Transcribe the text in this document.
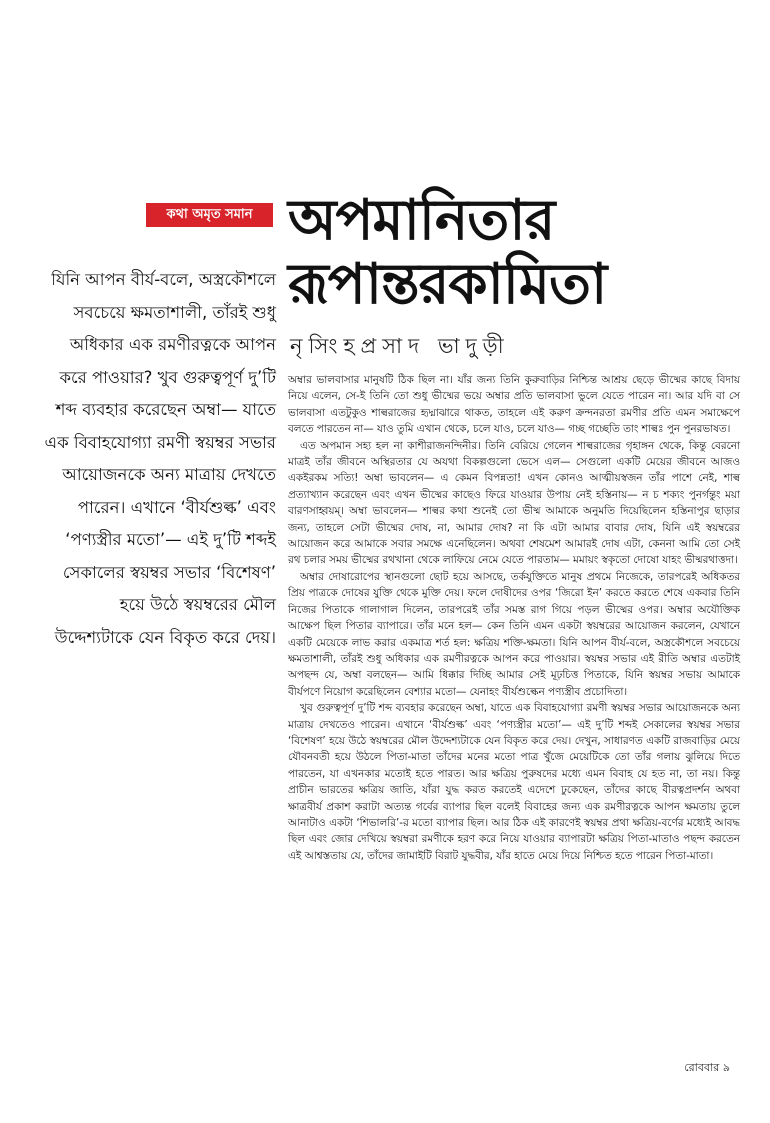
কথা অমৃত সমান অপমানিতার
রূপান্তরকামিতা
নৃসিংহপ্রসাদ ভাদুড়ী

যিনি আপন বীর্য-বলে, অস্ত্রকৌশলে সবচেয়ে ক্ষমতাশালী, তাঁরই শুধু অধিকার এক রমণীরত্নকে আপন করে পাওয়ার? খুব গুরুত্বপূর্ণ দু’টি শব্দ ব্যবহার করেছেন অম্বা— যাতে এক বিবাহযোগ্যা রমণী স্বয়ম্বর সভার আয়োজনকে অন্য মাত্রায় দেখতে পারেন। এখানে ‘বীর্যশুল্ক’ এবং ‘পণ্যস্ত্রীর মতো’— এই দু’টি শব্দই সেকালের স্বয়ম্বর সভার ‘বিশেষণ’ হয়ে উঠে স্বয়ম্বরের মৌল উদ্দেশ্যটাকে যেন বিকৃত করে দেয়।

অম্বার ভালবাসার মানুষটি ঠিক ছিল না। যাঁর জন্য তিনি কুরুবাড়ির নিশ্চিন্ত আশ্রয় ছেড়ে ভীষ্মের কাছে বিদায় নিয়ে এলেন, সে-ই তিনি তো শুধু ভীষ্মের ভয়ে অম্বার প্রতি ভালবাসা ভুলে যেতে পারেন না। আর যদি বা সে ভালবাসা এতটুকুও শাল্বরাজের হৃদ্মাঝারে থাকত, তাহলে এই করুণ ক্রন্দনরতা রমণীর প্রতি এমন সমাক্ষেপে বলতে পারতেন না— যাও তুমি এখান থেকে, চলে যাও, চলে যাও— গচ্ছ গচ্ছেতি তাং শাল্বঃ পুন পুনরভাষত।

এত অপমান সহ্য হল না কাশীরাজনন্দিনীর। তিনি বেরিয়ে গেলেন শাল্বরাজের গৃহাঙ্গন থেকে, কিন্তু বেরনো মাত্রই তাঁর জীবনে অস্থিরতার যে অযথা বিকল্পগুলো ভেসে এল— সেগুলো একটি মেয়ের জীবনে আজও একইরকম সত্যি! অম্বা ভাবলেন— এ কেমন বিপন্নতা! এখন কোনও আত্মীয়স্বজন তাঁর পাশে নেই, শাল্ব প্রত্যাখ্যান করেছেন এবং এখন ভীষ্মের কাছেও ফিরে যাওয়ার উপায় নেই হস্তিনায়— ন চ শক্যং পুনর্গন্তুং ময়া বারণসাহ্বয়ম্‌। অম্বা ভাবলেন— শাল্বর কথা শুনেই তো ভীষ্ম আমাকে অনুমতি দিয়েছিলেন হস্তিনাপুর ছাড়ার জন্য, তাহলে সেটা ভীষ্মের দোষ, না, আমার দোষ? না কি এটা আমার বাবার দোষ, যিনি এই স্বয়ম্বরের আয়োজন করে আমাকে সবার সমক্ষে এনেছিলেন। অথবা শেষমেশ আমারই দোষ এটা, কেননা আমি তো সেই রথ চলার সময় ভীষ্মের রথখানা থেকে লাফিয়ে নেমে যেতে পারতাম— মমায়ং স্বকৃতো দোষো যাহং ভীষ্মরথাত্তদা।

অম্বার দোষারোপের স্থানগুলো ছোট হয়ে আসছে, তর্কযুক্তিতে মানুষ প্রথমে নিজেকে, তারপরেই অধিকতর প্রিয় পাত্রকে দোষের যুক্তি থেকে মুক্তি দেয়। ফলে দোষীদের ওপর ‘জিরো ইন’ করতে করতে শেষে একবার তিনি নিজের পিতাকে গালাগাল দিলেন, তারপরেই তাঁর সমস্ত রাগ গিয়ে পড়ল ভীষ্মের ওপর। অম্বার অযৌক্তিক আক্ষেপ ছিল পিতার ব্যাপারে। তাঁর মনে হল— কেন তিনি এমন একটা স্বয়ম্বরের আয়োজন করলেন, যেখানে একটি মেয়েকে লাভ করার একমাত্র শর্ত হল: ক্ষত্রিয় শক্তি-ক্ষমতা। যিনি আপন বীর্য-বলে, অস্ত্রকৌশলে সবচেয়ে ক্ষমতাশালী, তাঁরই শুধু অধিকার এক রমণীরত্নকে আপন করে পাওয়ার। স্বয়ম্বর সভার এই রীতি অম্বার এতটাই অপছন্দ যে, অম্বা বলছেন— আমি ধিক্কার দিচ্ছি আমার সেই মূঢ়চিত্ত পিতাকে, যিনি স্বয়ম্বর সভায় আমাকে বীর্যপণে নিয়োগ করেছিলেন বেশ্যার মতো— যেনাহং বীর্যশুল্কেন পণ্যস্ত্রীব প্রচোদিতা।

খুব গুরুত্বপূর্ণ দু’টি শব্দ ব্যবহার করেছেন অম্বা, যাতে এক বিবাহযোগ্যা রমণী স্বয়ম্বর সভার আয়োজনকে অন্য মাত্রায় দেখতেও পারেন। এখানে ‘বীর্যশুল্ক’ এবং ‘পণ্যস্ত্রীর মতো’— এই দু’টি শব্দই সেকালের স্বয়ম্বর সভার ‘বিশেষণ’ হয়ে উঠে স্বয়ম্বরের মৌল উদ্দেশ্যটাকে যেন বিকৃত করে দেয়। দেখুন, সাধারণত একটি রাজবাড়ির মেয়ে যৌবনবতী হয়ে উঠলে পিতা-মাতা তাঁদের মনের মতো পাত্র খুঁজে মেয়েটিকে তো তাঁর গলায় ঝুলিয়ে দিতে পারতেন, যা এখনকার মতোই হতে পারত। আর ক্ষত্রিয় পুরুষদের মধ্যে এমন বিবাহ যে হত না, তা নয়। কিন্তু প্রাচীন ভারতের ক্ষত্রিয় জাতি, যাঁরা যুদ্ধ করত করতেই এদেশে ঢুকেছেন, তাঁদের কাছে বীরত্বপ্রদর্শন অথবা ক্ষাত্রবীর্য প্রকাশ করাটা অত্যন্ত গর্বের ব্যাপার ছিল বলেই বিবাহের জন্য এক রমণীরত্নকে আপন ক্ষমতায় তুলে আনাটাও একটা ‘শিভালরি’-র মতো ব্যাপার ছিল। আর ঠিক এই কারণেই স্বয়ম্বর প্রথা ক্ষত্রিয়-বর্ণের মধ্যেই আবদ্ধ ছিল এবং জোর দেখিয়ে স্বয়ম্বরা রমণীকে হরণ করে নিয়ে যাওয়ার ব্যাপারটা ক্ষত্রিয় পিতা-মাতাও পছন্দ করতেন এই আশ্বস্ততায় যে, তাঁদের জামাইটি বিরাট যুদ্ধবীর, যাঁর হাতে মেয়ে দিয়ে নিশ্চিত হতে পারেন পিতা-মাতা।

রোববার ৯
